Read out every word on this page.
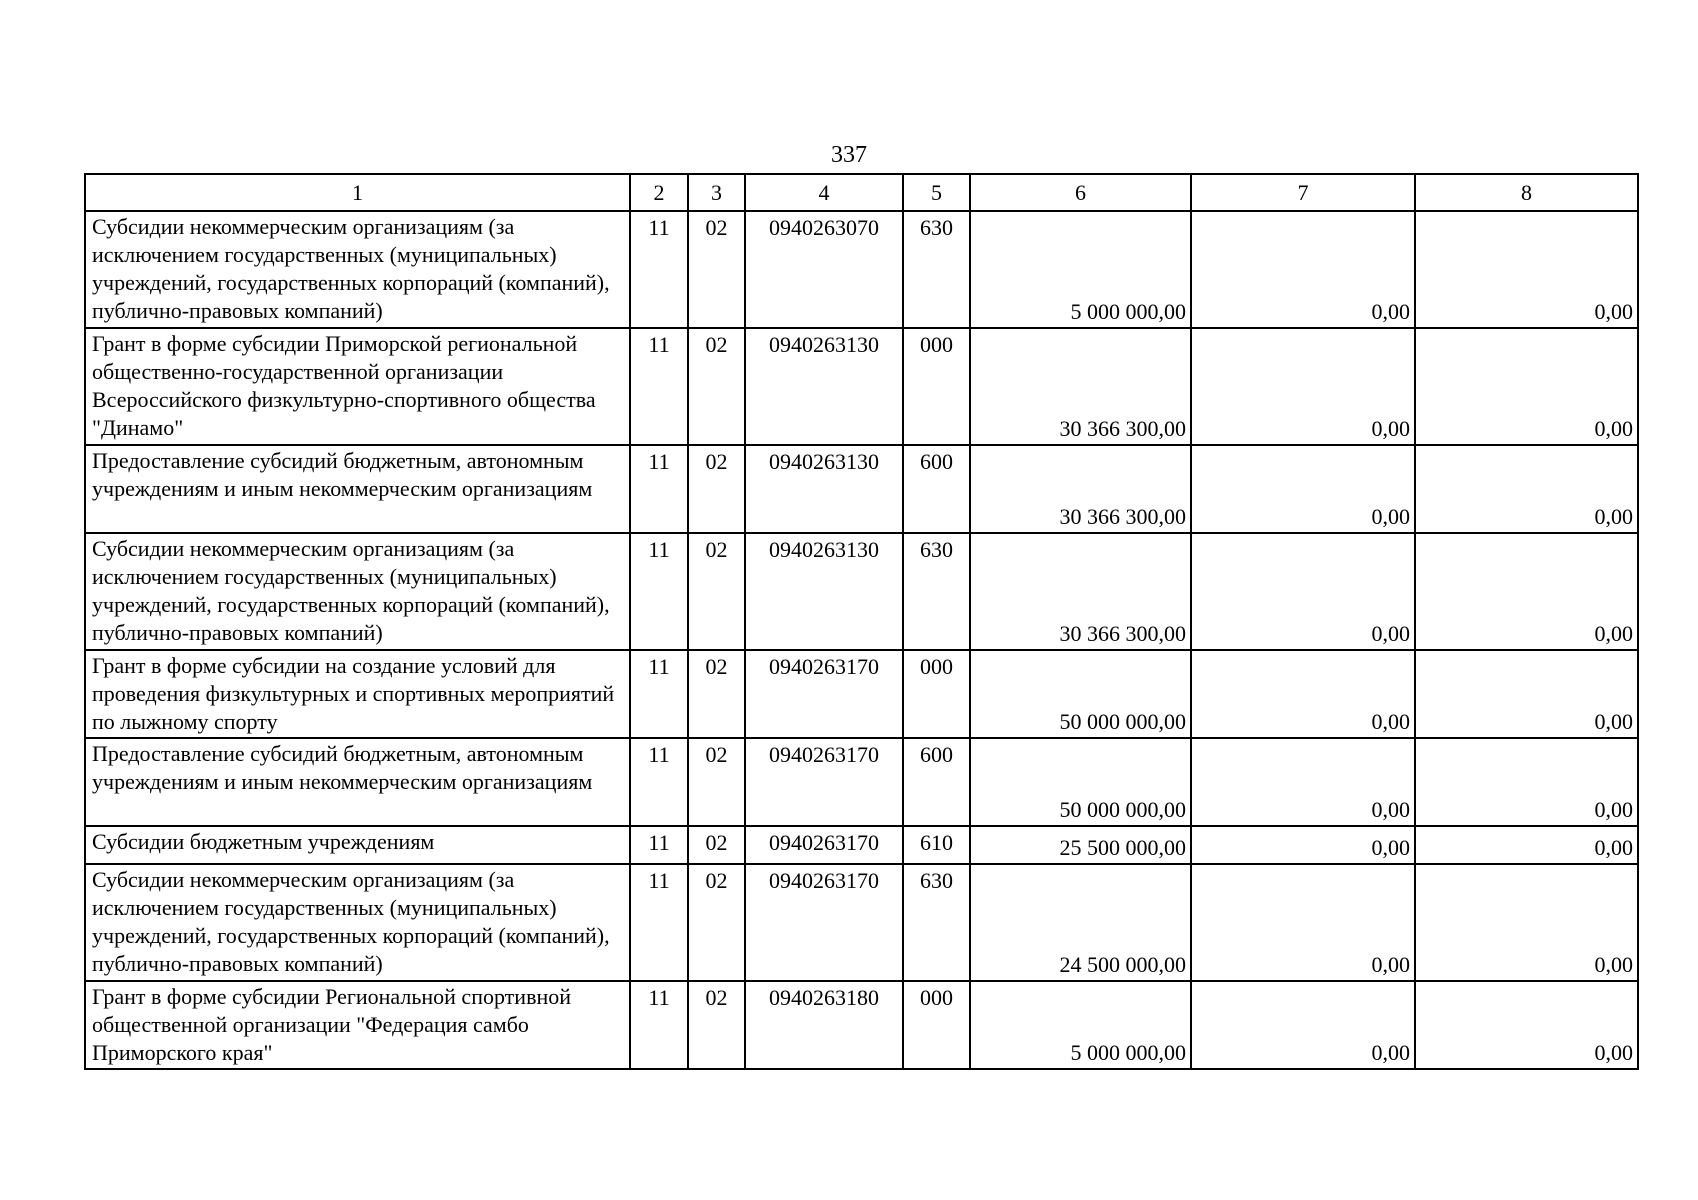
337
1	2	3	4	5	6	7	8
Субсидии некоммерческим организациям (за исключением государственных (муниципальных) учреждений, государственных корпораций (компаний), публично-правовых компаний)	11	02	0940263070	630	5 000 000,00	0,00	0,00
Грант в форме субсидии Приморской региональной общественно-государственной организации Всероссийского физкультурно-спортивного общества "Динамо"	11	02	0940263130	000	30 366 300,00	0,00	0,00
Предоставление субсидий бюджетным, автономным учреждениям и иным некоммерческим организациям	11	02	0940263130	600	30 366 300,00	0,00	0,00
Субсидии некоммерческим организациям (за исключением государственных (муниципальных) учреждений, государственных корпораций (компаний), публично-правовых компаний)	11	02	0940263130	630	30 366 300,00	0,00	0,00
Грант в форме субсидии на создание условий для проведения физкультурных и спортивных мероприятий по лыжному спорту	11	02	0940263170	000	50 000 000,00	0,00	0,00
Предоставление субсидий бюджетным, автономным учреждениям и иным некоммерческим организациям	11	02	0940263170	600	50 000 000,00	0,00	0,00
Субсидии бюджетным учреждениям	11	02	0940263170	610	25 500 000,00	0,00	0,00
Субсидии некоммерческим организациям (за исключением государственных (муниципальных) учреждений, государственных корпораций (компаний), публично-правовых компаний)	11	02	0940263170	630	24 500 000,00	0,00	0,00
Грант в форме субсидии Региональной спортивной общественной организации "Федерация самбо Приморского края"	11	02	0940263180	000	5 000 000,00	0,00	0,00
